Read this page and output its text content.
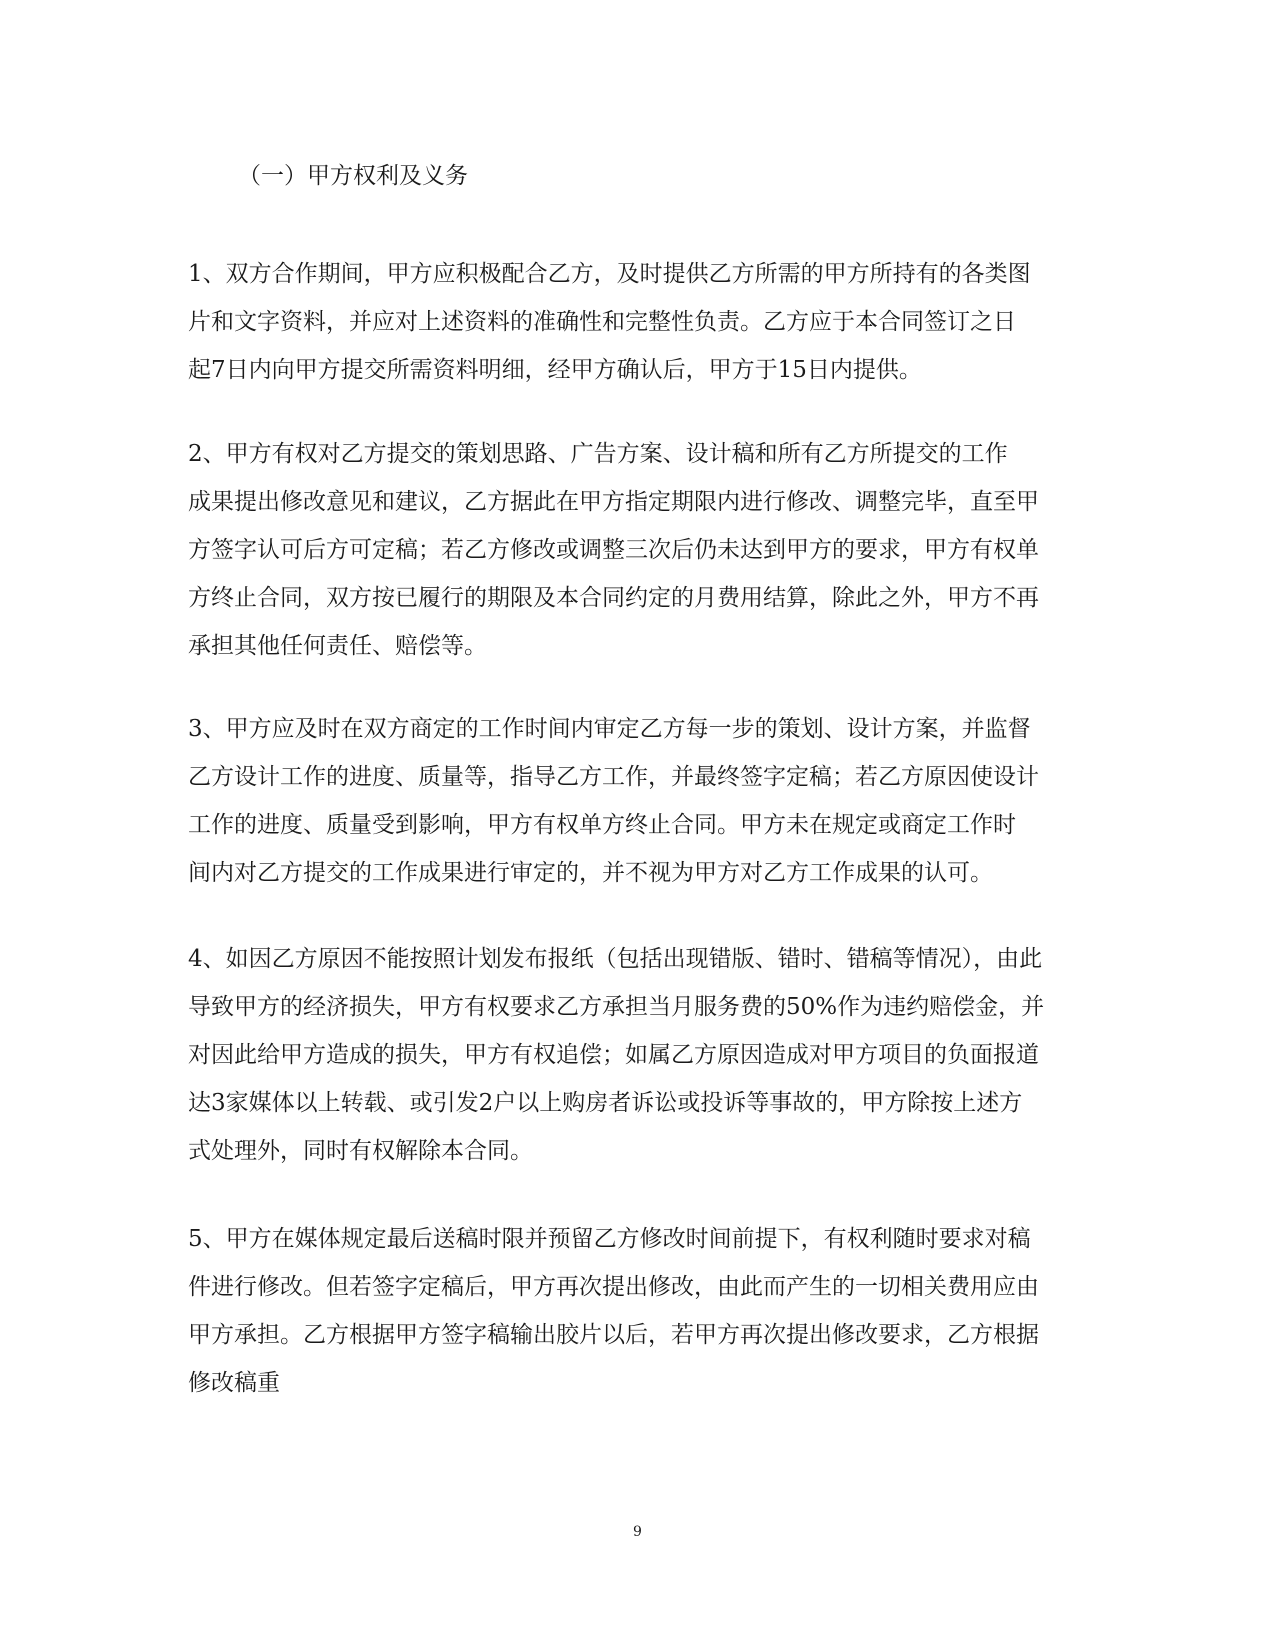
（一）甲方权利及义务
1、双方合作期间，甲方应积极配合乙方，及时提供乙方所需的甲方所持有的各类图
片和文字资料，并应对上述资料的准确性和完整性负责。乙方应于本合同签订之日
起7日内向甲方提交所需资料明细，经甲方确认后，甲方于15日内提供。
2、甲方有权对乙方提交的策划思路、广告方案、设计稿和所有乙方所提交的工作
成果提出修改意见和建议，乙方据此在甲方指定期限内进行修改、调整完毕，直至甲
方签字认可后方可定稿；若乙方修改或调整三次后仍未达到甲方的要求，甲方有权单
方终止合同，双方按已履行的期限及本合同约定的月费用结算，除此之外，甲方不再
承担其他任何责任、赔偿等。
3、甲方应及时在双方商定的工作时间内审定乙方每一步的策划、设计方案，并监督
乙方设计工作的进度、质量等，指导乙方工作，并最终签字定稿；若乙方原因使设计
工作的进度、质量受到影响，甲方有权单方终止合同。甲方未在规定或商定工作时
间内对乙方提交的工作成果进行审定的，并不视为甲方对乙方工作成果的认可。
4、如因乙方原因不能按照计划发布报纸（包括出现错版、错时、错稿等情况），由此
导致甲方的经济损失，甲方有权要求乙方承担当月服务费的50%作为违约赔偿金，并
对因此给甲方造成的损失，甲方有权追偿；如属乙方原因造成对甲方项目的负面报道
达3家媒体以上转载、或引发2户以上购房者诉讼或投诉等事故的，甲方除按上述方
式处理外，同时有权解除本合同。
5、甲方在媒体规定最后送稿时限并预留乙方修改时间前提下，有权利随时要求对稿
件进行修改。但若签字定稿后，甲方再次提出修改，由此而产生的一切相关费用应由
甲方承担。乙方根据甲方签字稿输出胶片以后，若甲方再次提出修改要求，乙方根据
修改稿重
9
